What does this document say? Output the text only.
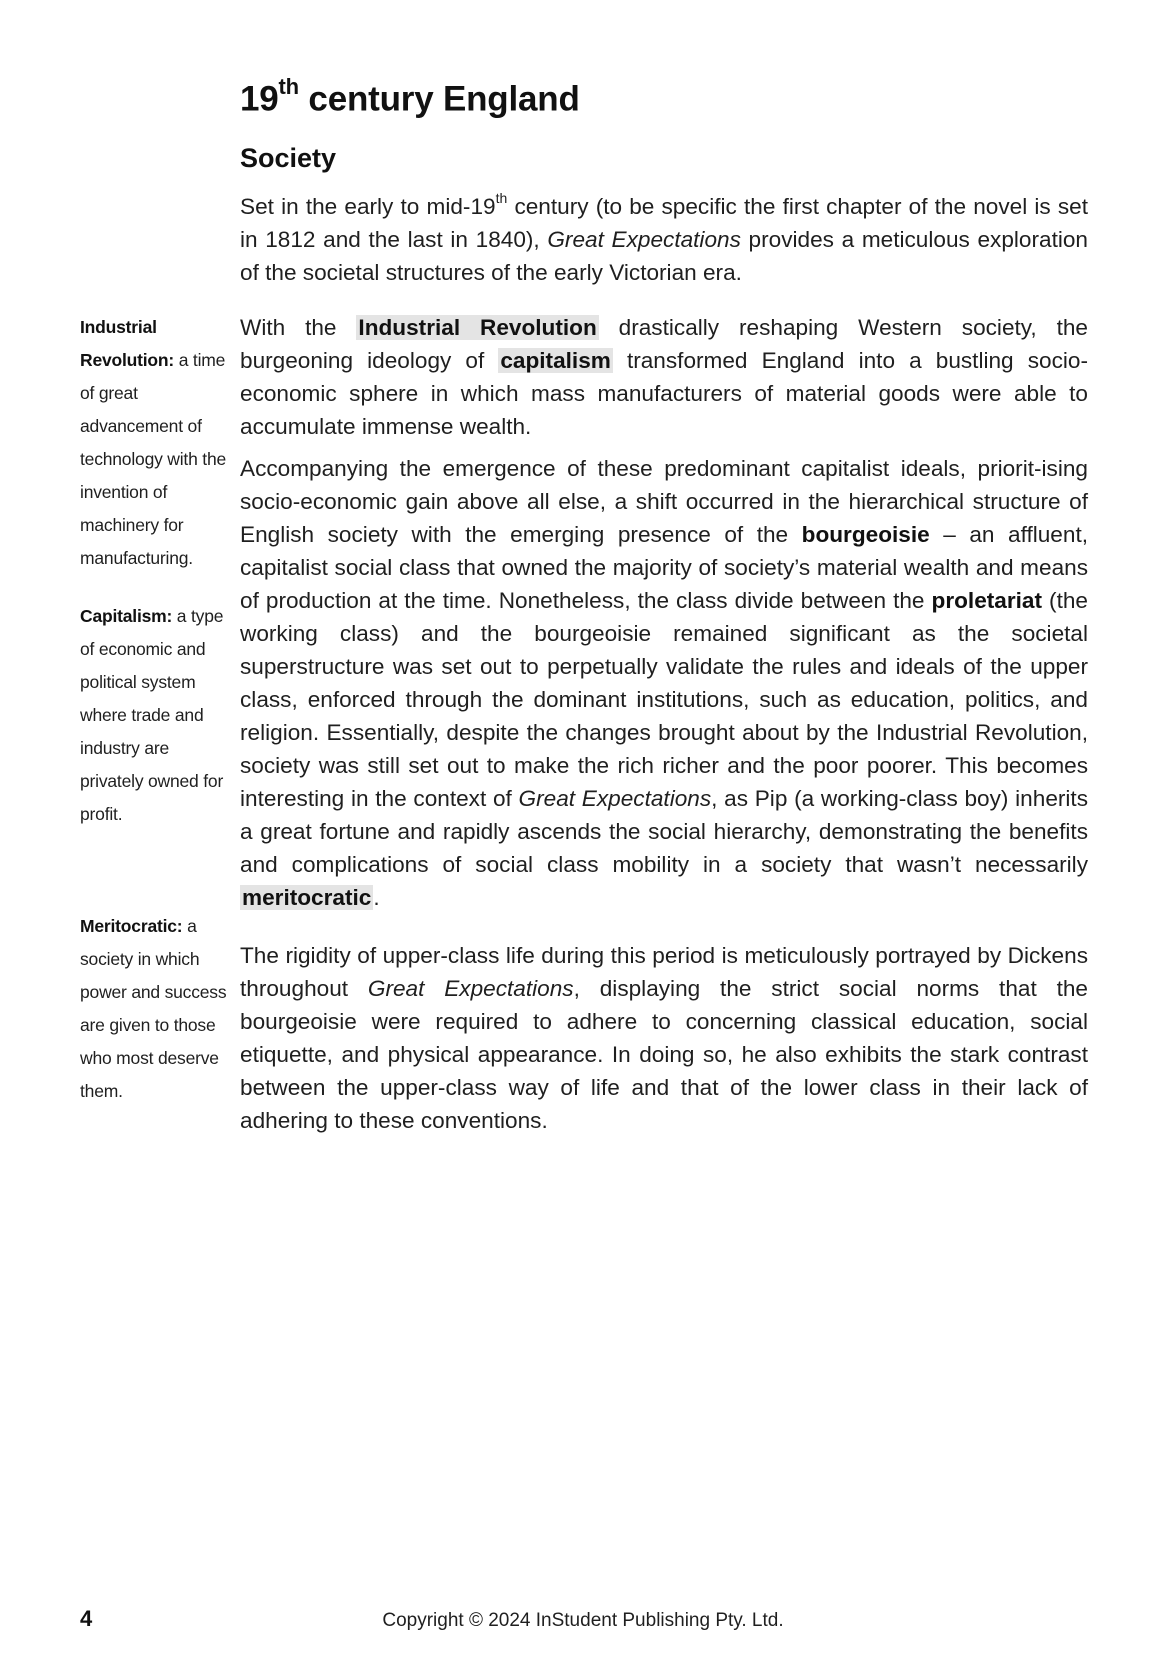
19th century England
Society

Set in the early to mid-19th century (to be specific the first chapter of the novel is set in 1812 and the last in 1840), Great Expectations provides a meticulous exploration of the societal structures of the early Victorian era.

With the Industrial Revolution drastically reshaping Western society, the burgeoning ideology of capitalism transformed England into a bustling socio-economic sphere in which mass manufacturers of material goods were able to accumulate immense wealth.

Accompanying the emergence of these predominant capitalist ideals, priorit-ising socio-economic gain above all else, a shift occurred in the hierarchical structure of English society with the emerging presence of the bourgeoisie – an affluent, capitalist social class that owned the majority of society’s material wealth and means of production at the time. Nonetheless, the class divide between the proletariat (the working class) and the bourgeoisie remained significant as the societal superstructure was set out to perpetually validate the rules and ideals of the upper class, enforced through the dominant institutions, such as education, politics, and religion. Essentially, despite the changes brought about by the Industrial Revolution, society was still set out to make the rich richer and the poor poorer. This becomes interesting in the context of Great Expectations, as Pip (a working-class boy) inherits a great fortune and rapidly ascends the social hierarchy, demonstrating the benefits and complications of social class mobility in a society that wasn’t necessarily meritocratic.

The rigidity of upper-class life during this period is meticulously portrayed by Dickens throughout Great Expectations, displaying the strict social norms that the bourgeoisie were required to adhere to concerning classical education, social etiquette, and physical appearance. In doing so, he also exhibits the stark contrast between the upper-class way of life and that of the lower class in their lack of adhering to these conventions.

Industrial Revolution: a time of great advancement of technology with the invention of machinery for manufacturing.

Capitalism: a type of economic and political system where trade and industry are privately owned for profit.

Meritocratic: a society in which power and success are given to those who most deserve them.

4	Copyright © 2024 InStudent Publishing Pty. Ltd.
